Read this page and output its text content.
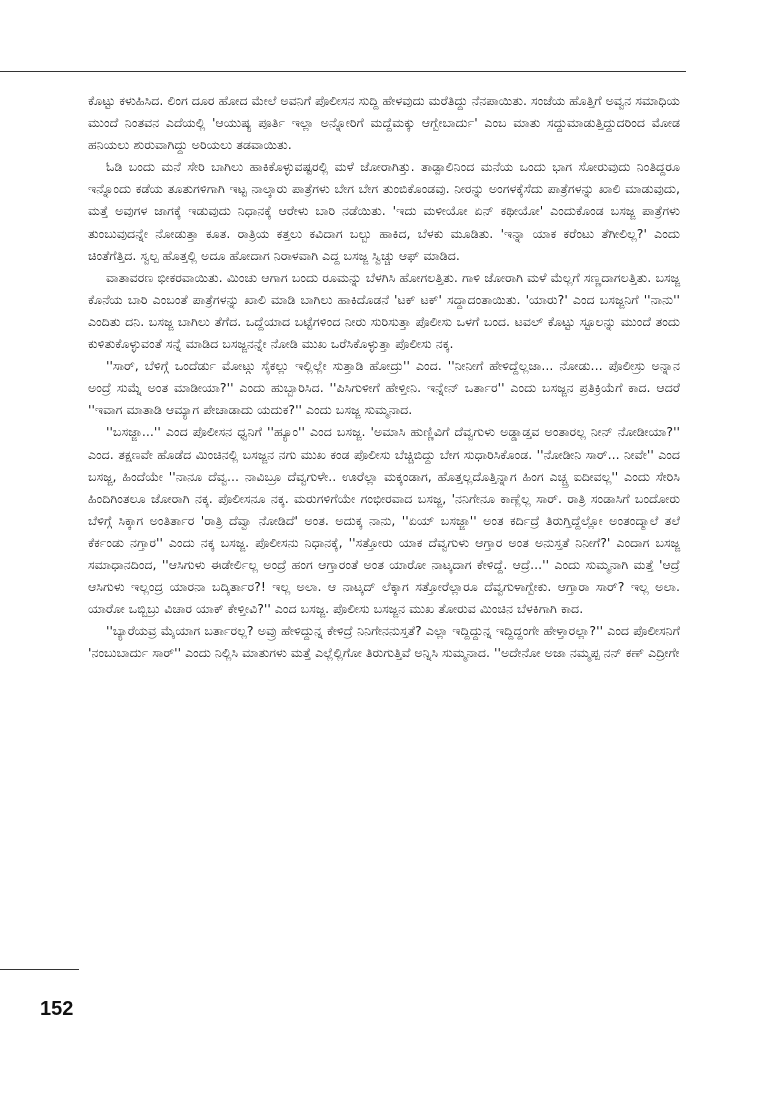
ಕೊಟ್ಟು ಕಳುಹಿಸಿದ. ಲಿಂಗ ದೂರ ಹೋದ ಮೇಲೆ ಅವನಿಗೆ ಪೊಲೀಸನ ಸುದ್ದಿ ಹೇಳವುದು ಮರೆತಿದ್ದು ನೆನಪಾಯಿತು. ಸಂಜೆಯ ಹೊತ್ತಿಗೆ ಅವ್ವನ ಸಮಾಧಿಯ ಮುಂದೆ ನಿಂತವನ ಎದೆಯಲ್ಲಿ 'ಆಯುಷ್ಯ ಪೂರ್ತಿ ಇಲ್ಲಾ ಅನ್ನೋರಿಗೆ ಮದ್ದೆಮಕ್ಕು ಆಗ್ಬೇಬಾರ್ದು' ಎಂಬ ಮಾತು ಸದ್ದುಮಾಡುತ್ತಿದ್ದುದರಿಂದ ಮೋಡ ಹನಿಯಲು ಶುರುವಾಗಿದ್ದು ಅರಿಯಲು ತಡವಾಯಿತು.

ಓಡಿ ಬಂದು ಮನೆ ಸೇರಿ ಬಾಗಿಲು ಹಾಕಿಕೊಳ್ಳುವಷ್ಟರಲ್ಲಿ ಮಳೆ ಜೋರಾಗಿತ್ತು. ತಾಡ್ಪಾಲಿನಿಂದ ಮನೆಯ ಒಂದು ಭಾಗ ಸೋರುವುದು ನಿಂತಿದ್ದರೂ ಇನ್ನೊಂದು ಕಡೆಯ ತೂತುಗಳಿಗಾಗಿ ಇಟ್ಟ ನಾಲ್ಕಾರು ಪಾತ್ರೆಗಳು ಬೇಗ ಬೇಗ ತುಂಬಿಕೊಂಡವು. ನೀರನ್ನು ಅಂಗಳಕ್ಕೆಸೆದು ಪಾತ್ರೆಗಳನ್ನು ಖಾಲಿ ಮಾಡುವುದು, ಮತ್ತೆ ಅವುಗಳ ಜಾಗಕ್ಕೆ ಇಡುವುದು ನಿಧಾನಕ್ಕೆ ಆರೇಳು ಬಾರಿ ನಡೆಯಿತು. 'ಇದು ಮಳೀಯೋ ಏನ್ ಕಥೀಯೋ' ಎಂದುಕೊಂಡ ಬಸಜ್ಜ ಪಾತ್ರೆಗಳು ತುಂಬುವುದನ್ನೇ ನೋಡುತ್ತಾ ಕೂತ. ರಾತ್ರಿಯ ಕತ್ತಲು ಕವಿದಾಗ ಬಲ್ಬು ಹಾಕಿದ, ಬೆಳಕು ಮೂಡಿತು. 'ಇನ್ನಾ ಯಾಕ ಕರೆಂಟು ತೆಗೀಲಿಲ್ಲ?' ಎಂದು ಚಿಂತೆಗೆತ್ತಿದ. ಸ್ವಲ್ಪ ಹೊತ್ತಲ್ಲಿ ಅದೂ ಹೋದಾಗ ನಿರಾಳವಾಗಿ ಎದ್ದ ಬಸಜ್ಜ ಸ್ವಿಚ್ಚು ಆಫ್ ಮಾಡಿದ.

ವಾತಾವರಣ ಭೀಕರವಾಯಿತು. ಮಿಂಚು ಆಗಾಗ ಬಂದು ರೂಮನ್ನು ಬೆಳಗಿಸಿ ಹೋಗಲತ್ತಿತು. ಗಾಳಿ ಜೋರಾಗಿ ಮಳೆ ಮೆಲ್ಲಗೆ ಸಣ್ಣದಾಗಲತ್ತಿತು. ಬಸಜ್ಜ ಕೊನೆಯ ಬಾರಿ ಎಂಬಂತೆ ಪಾತ್ರೆಗಳನ್ನು ಖಾಲಿ ಮಾಡಿ ಬಾಗಿಲು ಹಾಕಿದೊಡನೆ 'ಟಕ್ ಟಕ್' ಸದ್ದಾದಂತಾಯಿತು. 'ಯಾರು?' ಎಂದ ಬಸಜ್ಜನಿಗೆ ''ನಾನು'' ಎಂದಿತು ದನಿ. ಬಸಜ್ಜ ಬಾಗಿಲು ತೆಗೆದ. ಒದ್ದೆಯಾದ ಬಟ್ಟೆಗಳಿಂದ ನೀರು ಸುರಿಸುತ್ತಾ ಪೊಲೀಸು ಒಳಗೆ ಬಂದ. ಟವಲ್ ಕೊಟ್ಟು ಸ್ಟೂಲನ್ನು ಮುಂದೆ ತಂದು ಕುಳಿತುಕೊಳ್ಳುವಂತೆ ಸನ್ನೆ ಮಾಡಿದ ಬಸಜ್ಜನನ್ನೇ ನೋಡಿ ಮುಖ ಒರೆಸಿಕೊಳ್ಳುತ್ತಾ ಪೊಲೀಸು ನಕ್ಕ.

''ಸಾರ್, ಬೆಳಿಗ್ಗೆ ಒಂದೆರ್ಡು ಮೋಟ್ಗು ಸೈಕಲ್ಲು ಇಲ್ಲಿಲ್ಲೇ ಸುತ್ತಾಡಿ ಹೋದ್ರು'' ಎಂದ. ''ನೀನೀಗೆ ಹೇಳಿದ್ದೆಲ್ಲಜಾ... ನೋಡು... ಪೊಲೀಸ್ರು ಅನ್ನಾನ ಅಂದ್ರೆ ಸುಮ್ನೆ ಅಂತ ಮಾಡೀಯಾ?'' ಎಂದು ಹುಬ್ಬಾರಿಸಿದ. ''ಪಿಸಿಗುಳೀಗೆ ಹೇಳ್ತೀನಿ. ಇನ್ನೇನ್ ಒರ್ತಾರ'' ಎಂದು ಬಸಜ್ಜನ ಪ್ರತಿಕ್ರಿಯೆಗೆ ಕಾದ. ಆದರೆ ''ಇವಾಗ ಮಾತಾಡಿ ಆಮ್ಯಾಗ ಪೇಚಾಡಾದು ಯದುಕ?'' ಎಂದು ಬಸಜ್ಜ ಸುಮ್ಮನಾದ.

''ಬಸಜ್ಜಾ...'' ಎಂದ ಪೊಲೀಸನ ಧ್ವನಿಗೆ ''ಹ್ಯೂಂ'' ಎಂದ ಬಸಜ್ಜ. 'ಅಮಾಸಿ ಹುಣ್ಣಿವಿಗೆ ದೆವ್ವಗುಳು ಅಡ್ಡಾಡ್ತವ ಅಂತಾರಲ್ಲ ನೀನ್ ನೋಡೀಯಾ?'' ಎಂದ. ತಕ್ಷಣವೇ ಹೊಡೆದ ಮಿಂಚಿನಲ್ಲಿ ಬಸಜ್ಜನ ನಗು ಮುಖ ಕಂಡ ಪೊಲೀಸು ಬೆಚ್ಚಿಬಿದ್ದು ಬೇಗ ಸುಧಾರಿಸಿಕೊಂಡ. ''ನೋಡೀನಿ ಸಾರ್... ನೀವೇ'' ಎಂದ ಬಸಜ್ಜ, ಹಿಂದೆಯೇ ''ನಾನೂ ದೆವ್ವ... ನಾವಿಬ್ರೂ ದೆವ್ವಗುಳೇ.. ಊರೆಲ್ಲಾ ಮಕ್ಕಂಡಾಗ, ಹೊತ್ತಲ್ಲದೊತ್ತಿನ್ನಾಗ ಹಿಂಗ ಎಚ್ಚ್ರ ಐದೀವಲ್ಲ'' ಎಂದು ಸೇರಿಸಿ ಹಿಂದಿಗಿಂತಲೂ ಜೋರಾಗಿ ನಕ್ಕ. ಪೊಲೀಸನೂ ನಕ್ಕ. ಮರುಗಳಿಗೆಯೇ ಗಂಭೀರವಾದ ಬಸಜ್ಜ, 'ನನಿಗೇನೂ ಕಾಣ್ಲೆಲ್ಲ ಸಾರ್. ರಾತ್ರಿ ಸಂಡಾಸಿಗೆ ಬಂದೋರು ಬೆಳಿಗ್ಗೆ ಸಿಕ್ಕಾಗ ಅಂತಿರ್ತಾರ 'ರಾತ್ರಿ ದೆವ್ವಾ ನೋಡಿದೆ' ಅಂತ. ಅದುಕ್ಕ ನಾನು, ''ಏಯ್ ಬಸಜ್ಜಾ'' ಅಂತ ಕರ್ದಿದ್ರೆ ತಿರುಗ್ತಿದ್ದೆಲ್ಲೋ ಅಂತಂದ್ಮಾಲೆ ತಲೆ ಕೆರ್ಕಂಡು ನಗ್ತಾರ'' ಎಂದು ನಕ್ಕ ಬಸಜ್ಜ. ಪೊಲೀಸನು ನಿಧಾನಕ್ಕೆ, ''ಸತ್ತೋರು ಯಾಕ ದೆವ್ವಗುಳು ಆಗ್ತಾರ ಅಂತ ಅನುಸ್ತತೆ ನಿನೀಗೆ?' ಎಂದಾಗ ಬಸಜ್ಜ ಸಮಾಧಾನದಿಂದ, ''ಆಸಿಗುಳು ಈಡೇರ್ಲಿಲ್ಲ ಅಂದ್ರೆ ಹಂಗ ಆಗ್ತಾರಂತೆ ಅಂತ ಯಾರೋ ನಾಟ್ಕದಾಗ ಕೇಳಿದ್ದೆ. ಆದ್ರೆ...'' ಎಂದು ಸುಮ್ಮನಾಗಿ ಮತ್ತೆ 'ಆದ್ರೆ ಆಸಿಗುಳು ಇಲ್ಲಂದ್ರ ಯಾರನಾ ಬದ್ಕಿರ್ತಾರ?! ಇಲ್ಲ ಅಲಾ. ಆ ನಾಟ್ಕದ್ ಲೆಕ್ಕಾಗ ಸತ್ತೋರೆಲ್ಲಾರೂ ದೆವ್ವಗುಳಾಗ್ಬೇಕು. ಆಗ್ತಾರಾ ಸಾರ್? ಇಲ್ಲ ಅಲಾ. ಯಾರೋ ಒಬ್ಬಿಬ್ರು ವಿಚಾರ ಯಾಕ್ ಕೇಳ್ತೀವಿ?'' ಎಂದ ಬಸಜ್ಜ. ಪೊಲೀಸು ಬಸಜ್ಜನ ಮುಖ ತೋರುವ ಮಿಂಚಿನ ಬೆಳಕಿಗಾಗಿ ಕಾದ.

''ಬ್ಯಾರೆಯವ್ರ ಮೈಯಾಗ ಬರ್ತಾರಲ್ಲ? ಅವ್ರು ಹೇಳಿದ್ದುನ್ನ ಕೇಳಿದ್ರೆ ನಿನಿಗೇನನುಸ್ತತೆ? ಎಲ್ಲಾ ಇದ್ದಿದ್ದುನ್ನ ಇದ್ದಿದ್ದಂಗೇ ಹೇಳ್ತಾರಲ್ಲಾ?'' ಎಂದ ಪೊಲೀಸನಿಗೆ 'ನಂಬುಬಾರ್ದು ಸಾರ್'' ಎಂದು ನಿಲ್ಲಿಸಿ ಮಾತುಗಳು ಮತ್ತೆ ಎಲ್ಲೆಲ್ಲಿಗೋ ತಿರುಗುತ್ತಿವೆ ಅನ್ನಿಸಿ ಸುಮ್ಮನಾದ. ''ಅದೇನೋ ಅಜಾ ನಮ್ಮಪ್ಪ ನನ್ ಕಣ್ ಎದ್ರೀಗೇ

152
